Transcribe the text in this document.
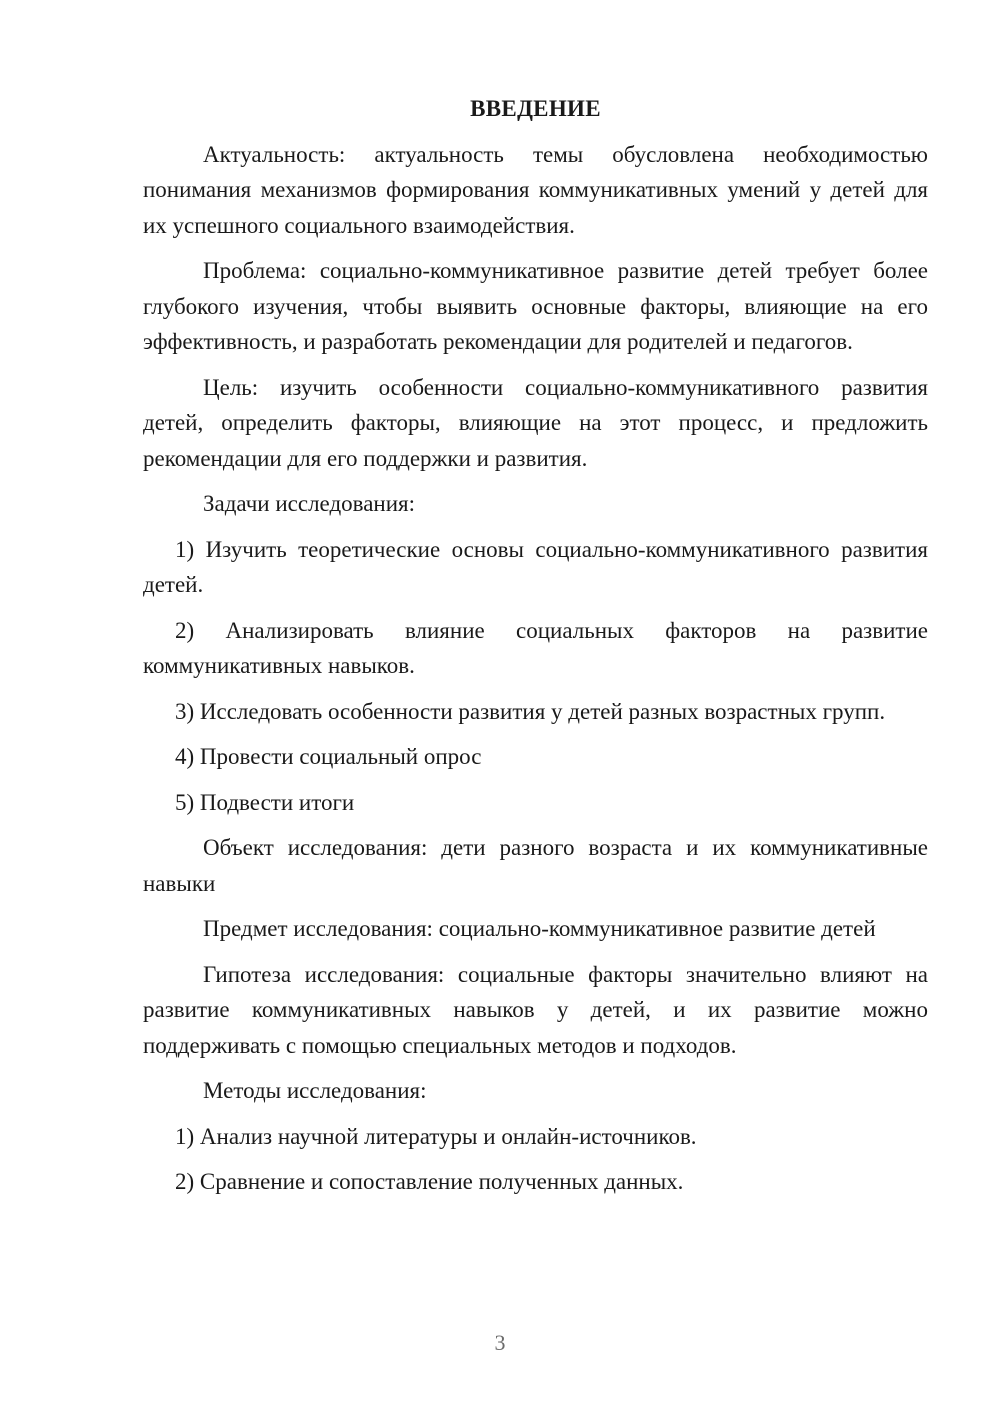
ВВЕДЕНИЕ

Актуальность: актуальность темы обусловлена необходимостью понимания механизмов формирования коммуникативных умений у детей для их успешного социального взаимодействия.

Проблема: социально-коммуникативное развитие детей требует более глубокого изучения, чтобы выявить основные факторы, влияющие на его эффективность, и разработать рекомендации для родителей и педагогов.

Цель: изучить особенности социально-коммуникативного развития детей, определить факторы, влияющие на этот процесс, и предложить рекомендации для его поддержки и развития.

Задачи исследования:

1) Изучить теоретические основы социально-коммуникативного развития детей.

2) Анализировать влияние социальных факторов на развитие коммуникативных навыков.

3) Исследовать особенности развития у детей разных возрастных групп.

4) Провести социальный опрос

5) Подвести итоги

Объект исследования: дети разного возраста и их коммуникативные навыки

Предмет исследования: социально-коммуникативное развитие детей

Гипотеза исследования: социальные факторы значительно влияют на развитие коммуникативных навыков у детей, и их развитие можно поддерживать с помощью специальных методов и подходов.

Методы исследования:

1) Анализ научной литературы и онлайн-источников.

2) Сравнение и сопоставление полученных данных.

3
